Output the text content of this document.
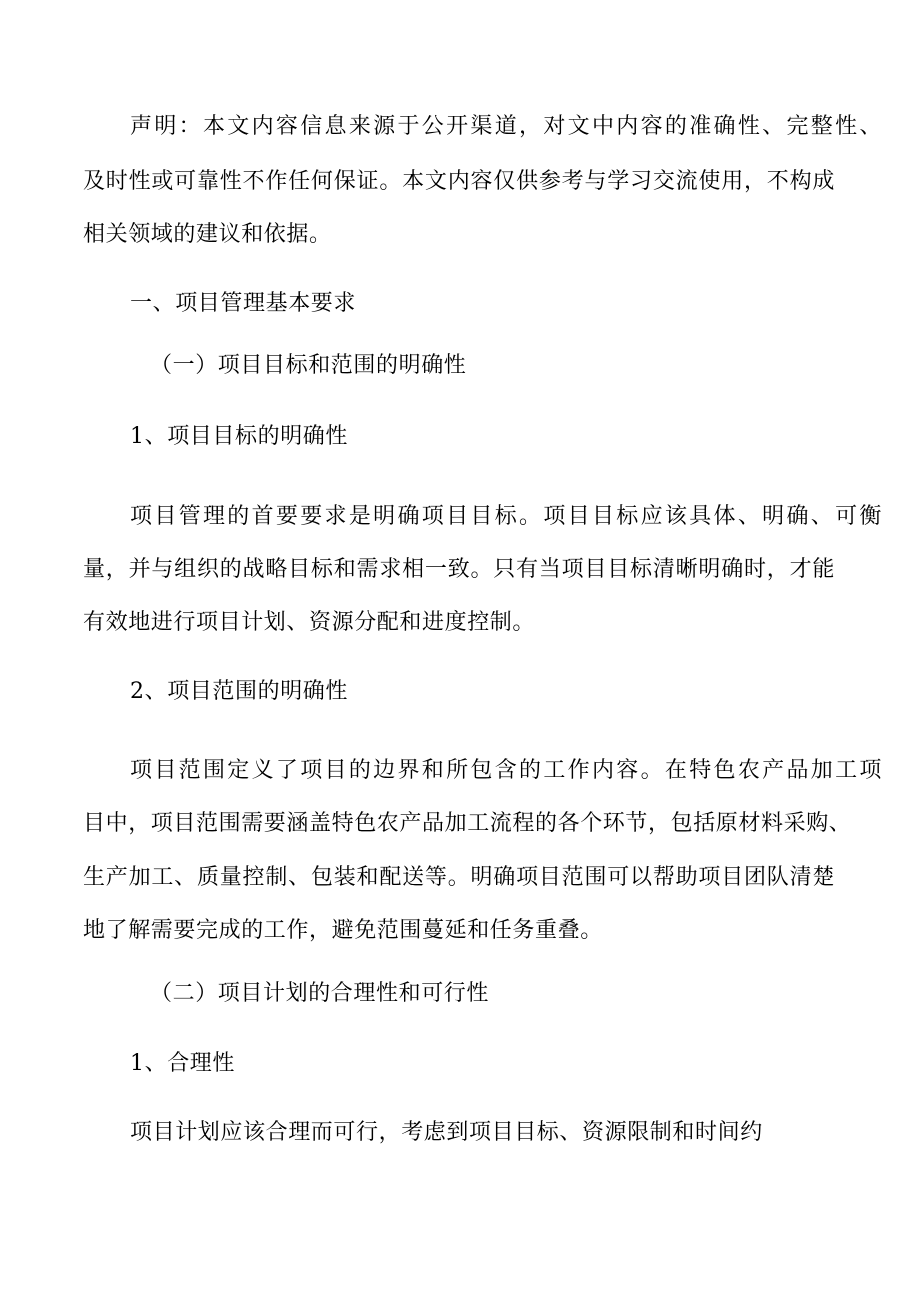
声明：本文内容信息来源于公开渠道，对文中内容的准确性、完整性、
及时性或可靠性不作任何保证。本文内容仅供参考与学习交流使用，不构成
相关领域的建议和依据。
一、项目管理基本要求
（一）项目目标和范围的明确性
1、项目目标的明确性
项目管理的首要要求是明确项目目标。项目目标应该具体、明确、可衡
量，并与组织的战略目标和需求相一致。只有当项目目标清晰明确时，才能
有效地进行项目计划、资源分配和进度控制。
2、项目范围的明确性
项目范围定义了项目的边界和所包含的工作内容。在特色农产品加工项
目中，项目范围需要涵盖特色农产品加工流程的各个环节，包括原材料采购、
生产加工、质量控制、包装和配送等。明确项目范围可以帮助项目团队清楚
地了解需要完成的工作，避免范围蔓延和任务重叠。
（二）项目计划的合理性和可行性
1、合理性
项目计划应该合理而可行，考虑到项目目标、资源限制和时间约
